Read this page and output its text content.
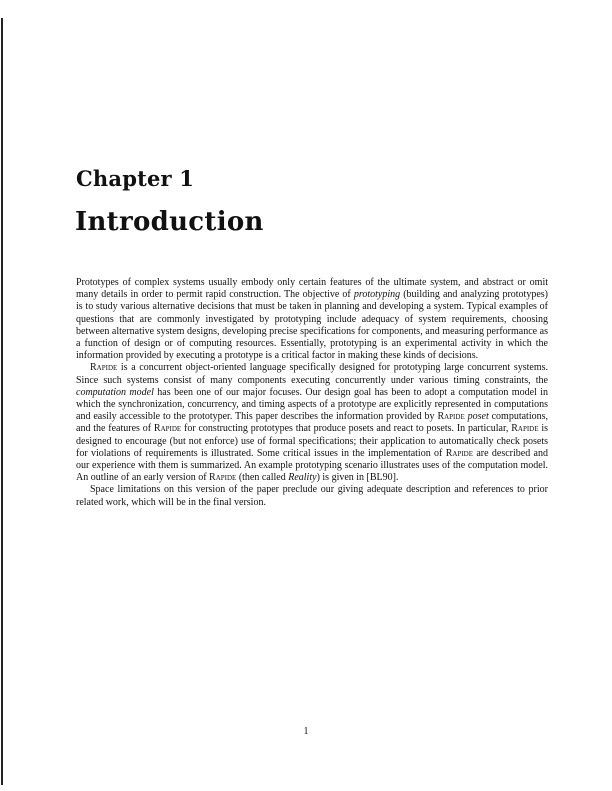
Chapter 1
Introduction

Prototypes of complex systems usually embody only certain features of the ultimate system, and abstract or omit many details in order to permit rapid construction. The objective of prototyping (building and analyzing prototypes) is to study various alternative decisions that must be taken in planning and developing a system. Typical examples of questions that are commonly investigated by prototyping include adequacy of system requirements, choosing between alternative system designs, developing precise specifications for components, and measuring performance as a function of design or of computing resources. Essentially, prototyping is an experimental activity in which the information provided by executing a prototype is a critical factor in making these kinds of decisions.

Rapide is a concurrent object-oriented language specifically designed for prototyping large concurrent systems. Since such systems consist of many components executing concurrently under various timing constraints, the computation model has been one of our major focuses. Our design goal has been to adopt a computation model in which the synchronization, concurrency, and timing aspects of a prototype are explicitly represented in computations and easily accessible to the prototyper. This paper describes the information provided by Rapide poset computations, and the features of Rapide for constructing prototypes that produce posets and react to posets. In particular, Rapide is designed to encourage (but not enforce) use of formal specifications; their application to automatically check posets for violations of requirements is illustrated. Some critical issues in the implementation of Rapide are described and our experience with them is summarized. An example prototyping scenario illustrates uses of the computation model. An outline of an early version of Rapide (then called Reality) is given in [BL90].

Space limitations on this version of the paper preclude our giving adequate description and references to prior related work, which will be in the final version.

1
